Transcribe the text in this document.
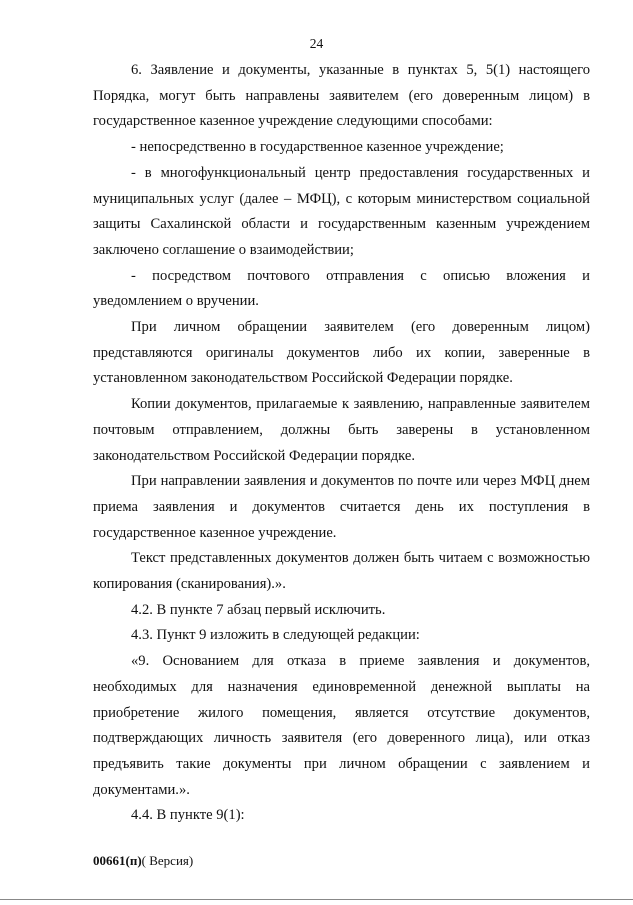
24

6. Заявление и документы, указанные в пунктах 5, 5(1) настоящего Порядка, могут быть направлены заявителем (его доверенным лицом) в государственное казенное учреждение следующими способами:

- непосредственно в государственное казенное учреждение;

- в многофункциональный центр предоставления государственных и муниципальных услуг (далее – МФЦ), с которым министерством социальной защиты Сахалинской области и государственным казенным учреждением заключено соглашение о взаимодействии;

- посредством почтового отправления с описью вложения и уведомлением о вручении.

При личном обращении заявителем (его доверенным лицом) представляются оригиналы документов либо их копии, заверенные в установленном законодательством Российской Федерации порядке.

Копии документов, прилагаемые к заявлению, направленные заявителем почтовым отправлением, должны быть заверены в установленном законодательством Российской Федерации порядке.

При направлении заявления и документов по почте или через МФЦ днем приема заявления и документов считается день их поступления в государственное казенное учреждение.

Текст представленных документов должен быть читаем с возможностью копирования (сканирования).».

4.2. В пункте 7 абзац первый исключить.

4.3. Пункт 9 изложить в следующей редакции:

«9. Основанием для отказа в приеме заявления и документов, необходимых для назначения единовременной денежной выплаты на приобретение жилого помещения, является отсутствие документов, подтверждающих личность заявителя (его доверенного лица), или отказ предъявить такие документы при личном обращении с заявлением и документами.».

4.4. В пункте 9(1):

00661(п)( Версия)
